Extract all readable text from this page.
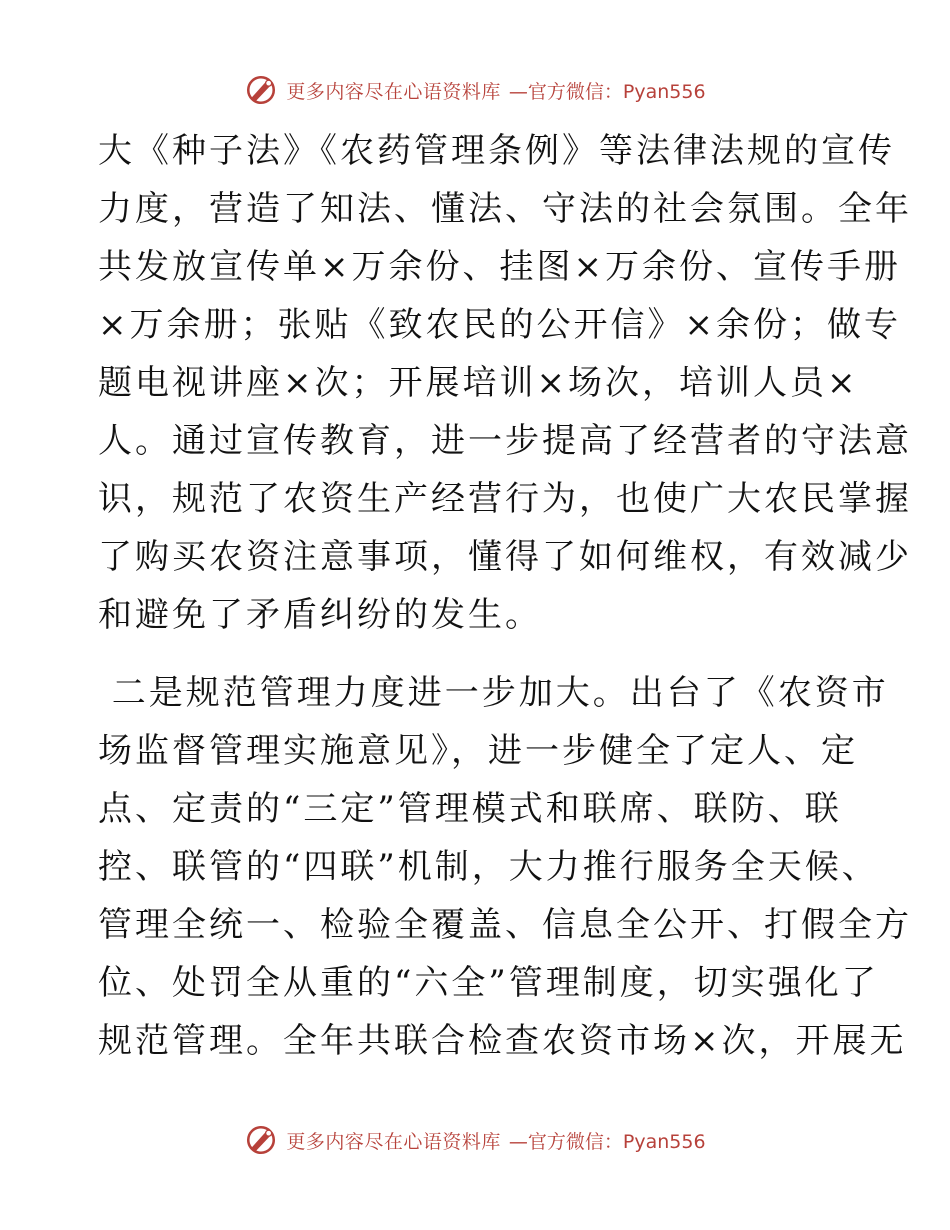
更多内容尽在心语资料库 —官方微信：Pyan556
大《种子法》《农药管理条例》等法律法规的宣传
力度，营造了知法、懂法、守法的社会氛围。全年
共发放宣传单×万余份、挂图×万余份、宣传手册
×万余册；张贴《致农民的公开信》×余份；做专
题电视讲座×次；开展培训×场次，培训人员×
人。通过宣传教育，进一步提高了经营者的守法意
识，规范了农资生产经营行为，也使广大农民掌握
了购买农资注意事项，懂得了如何维权，有效减少
和避免了矛盾纠纷的发生。
二是规范管理力度进一步加大。出台了《农资市
场监督管理实施意见》，进一步健全了定人、定
点、定责的“三定”管理模式和联席、联防、联
控、联管的“四联”机制，大力推行服务全天候、
管理全统一、检验全覆盖、信息全公开、打假全方
位、处罚全从重的“六全”管理制度，切实强化了
规范管理。全年共联合检查农资市场×次，开展无
更多内容尽在心语资料库 —官方微信：Pyan556
